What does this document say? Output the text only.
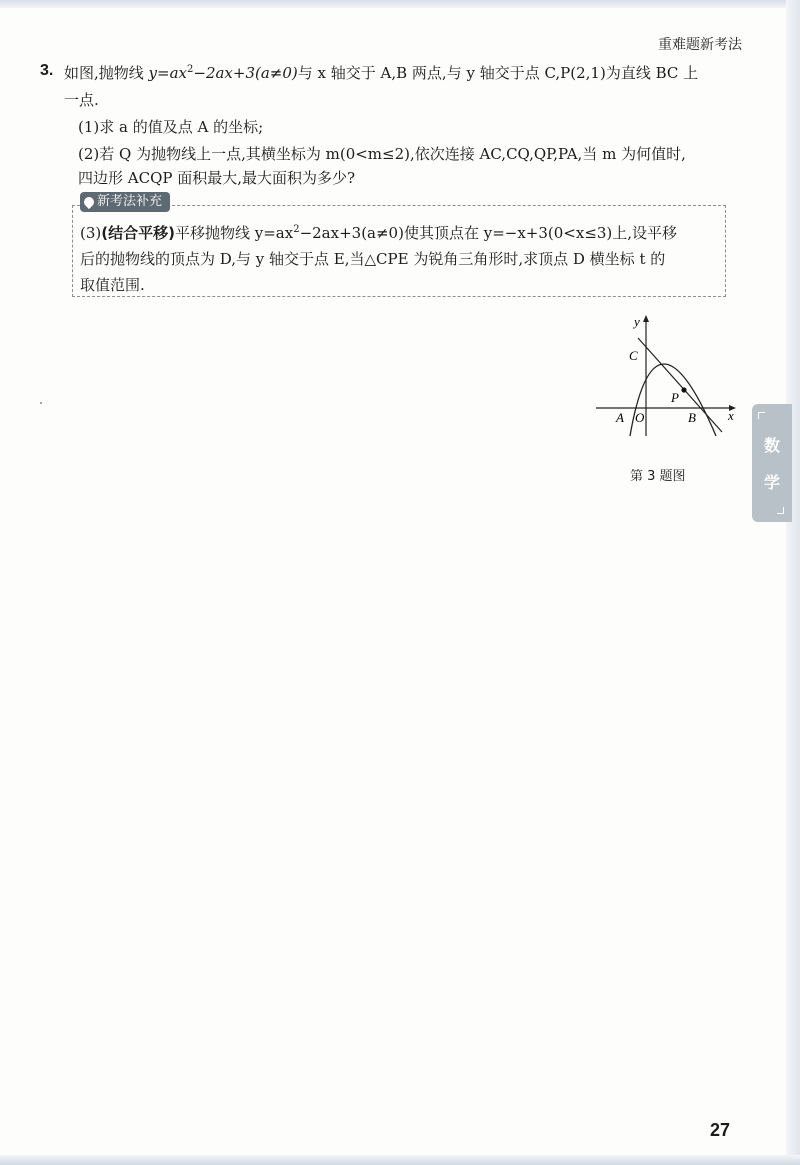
重难题新考法
3. 如图,抛物线 $y=ax^2-2ax+3(a\ne 0)$与 x 轴交于 A,B 两点,与 y 轴交于点 C,P(2,1)为直线 BC 上
一点.
(1)求 a 的值及点 A 的坐标;
(2)若 Q 为抛物线上一点,其横坐标为 m(0<m≤2),依次连接 AC,CQ,QP,PA,当 m 为何值时,
四边形 ACQP 面积最大,最大面积为多少?
新考法补充
(3)(结合平移)平移抛物线 $y=ax^2-2ax+3(a\ne 0)$使其顶点在 y=−x+3(0<x≤3)上,设平移
后的抛物线的顶点为 D,与 y 轴交于点 E,当△CPE 为锐角三角形时,求顶点 D 横坐标 t 的
取值范围.
y
x
C
P
A O	B
第 3 题图
数
学
27
